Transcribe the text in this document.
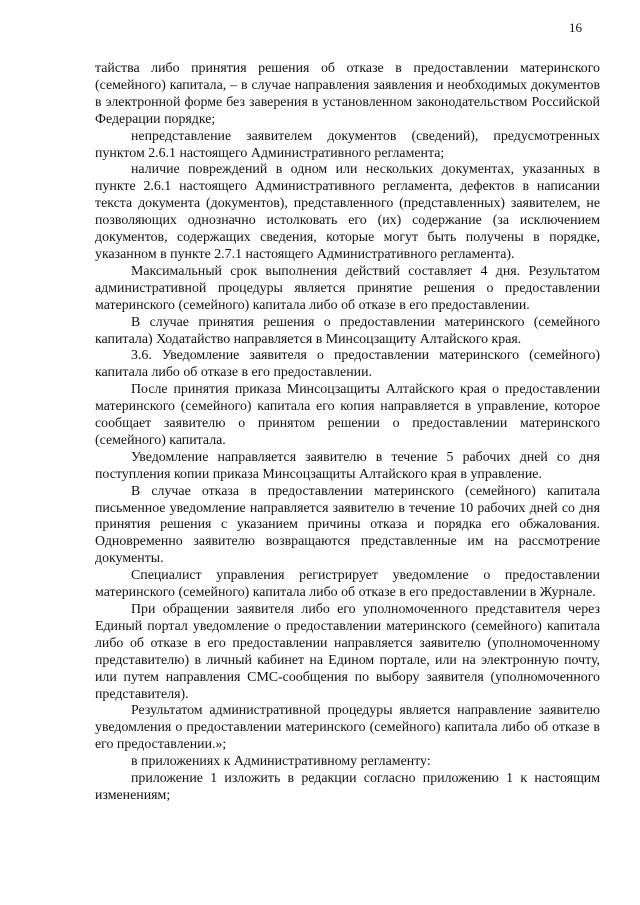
16

тайства либо принятия решения об отказе в предоставлении материнского (семейного) капитала, – в случае направления заявления и необходимых документов в электронной форме без заверения в установленном законодательством Российской Федерации порядке;

непредставление заявителем документов (сведений), предусмотренных пунктом 2.6.1 настоящего Административного регламента;

наличие повреждений в одном или нескольких документах, указанных в пункте 2.6.1 настоящего Административного регламента, дефектов в написании текста документа (документов), представленного (представленных) заявителем, не позволяющих однозначно истолковать его (их) содержание (за исключением документов, содержащих сведения, которые могут быть получены в порядке, указанном в пункте 2.7.1 настоящего Административного регламента).

Максимальный срок выполнения действий составляет 4 дня. Результатом административной процедуры является принятие решения о предоставлении материнского (семейного) капитала либо об отказе в его предоставлении.

В случае принятия решения о предоставлении материнского (семейного капитала) Ходатайство направляется в Минсоцзащиту Алтайского края.

3.6. Уведомление заявителя о предоставлении материнского (семейного) капитала либо об отказе в его предоставлении.

После принятия приказа Минсоцзащиты Алтайского края о предоставлении материнского (семейного) капитала его копия направляется в управление, которое сообщает заявителю о принятом решении о предоставлении материнского (семейного) капитала.

Уведомление направляется заявителю в течение 5 рабочих дней со дня поступления копии приказа Минсоцзащиты Алтайского края в управление.

В случае отказа в предоставлении материнского (семейного) капитала письменное уведомление направляется заявителю в течение 10 рабочих дней со дня принятия решения с указанием причины отказа и порядка его обжалования. Одновременно заявителю возвращаются представленные им на рассмотрение документы.

Специалист управления регистрирует уведомление о предоставлении материнского (семейного) капитала либо об отказе в его предоставлении в Журнале.

При обращении заявителя либо его уполномоченного представителя через Единый портал уведомление о предоставлении материнского (семейного) капитала либо об отказе в его предоставлении направляется заявителю (уполномоченному представителю) в личный кабинет на Едином портале, или на электронную почту, или путем направления СМС-сообщения по выбору заявителя (уполномоченного представителя).

Результатом административной процедуры является направление заявителю уведомления о предоставлении материнского (семейного) капитала либо об отказе в его предоставлении.»;

в приложениях к Административному регламенту:

приложение 1 изложить в редакции согласно приложению 1 к настоящим изменениям;
